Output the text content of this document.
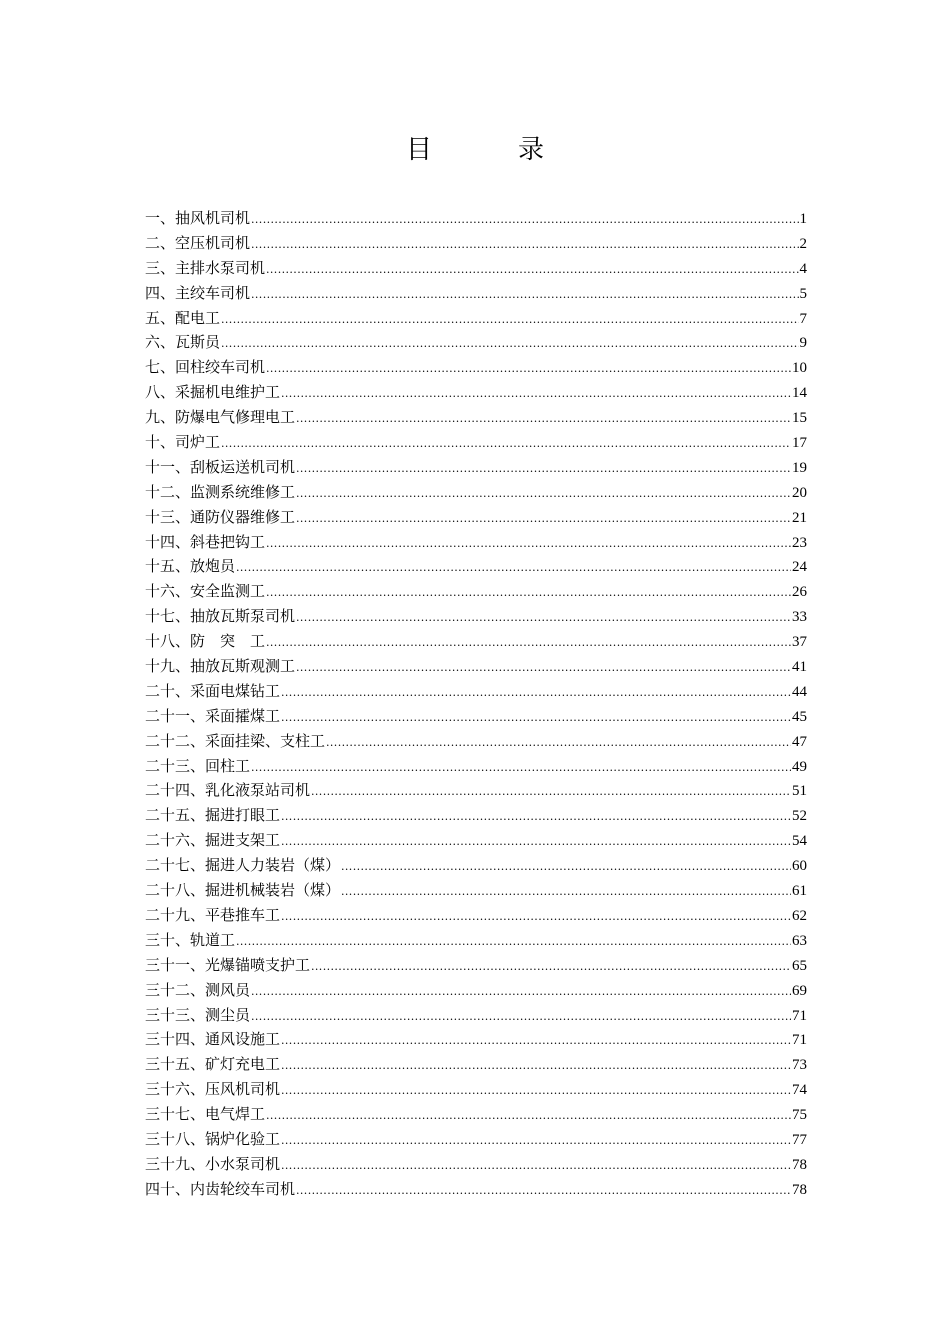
目　录
一、抽风机司机 .....	1
二、空压机司机 .....	2
三、主排水泵司机 .....	4
四、主绞车司机 .....	5
五、配电工 .....	7
六、瓦斯员 .....	9
七、回柱绞车司机 .....	10
八、采掘机电维护工 .....	14
九、防爆电气修理电工 .....	15
十、司炉工 .....	17
十一、刮板运送机司机 .....	19
十二、监测系统维修工 .....	20
十三、通防仪器维修工 .....	21
十四、斜巷把钩工 .....	23
十五、放炮员 .....	24
十六、安全监测工 .....	26
十七、抽放瓦斯泵司机 .....	33
十八、防　突　工 .....	37
十九、抽放瓦斯观测工 .....	41
二十、采面电煤钻工 .....	44
二十一、采面攉煤工 .....	45
二十二、采面挂梁、支柱工 .....	47
二十三、回柱工 .....	49
二十四、乳化液泵站司机 .....	51
二十五、掘进打眼工 .....	52
二十六、掘进支架工 .....	54
二十七、掘进人力装岩（煤） .....	60
二十八、掘进机械装岩（煤） .....	61
二十九、平巷推车工 .....	62
三十、轨道工 .....	63
三十一、光爆锚喷支护工 .....	65
三十二、测风员 .....	69
三十三、测尘员 .....	71
三十四、通风设施工 .....	71
三十五、矿灯充电工 .....	73
三十六、压风机司机 .....	74
三十七、电气焊工 .....	75
三十八、锅炉化验工 .....	77
三十九、小水泵司机 .....	78
四十、内齿轮绞车司机 .....	78
